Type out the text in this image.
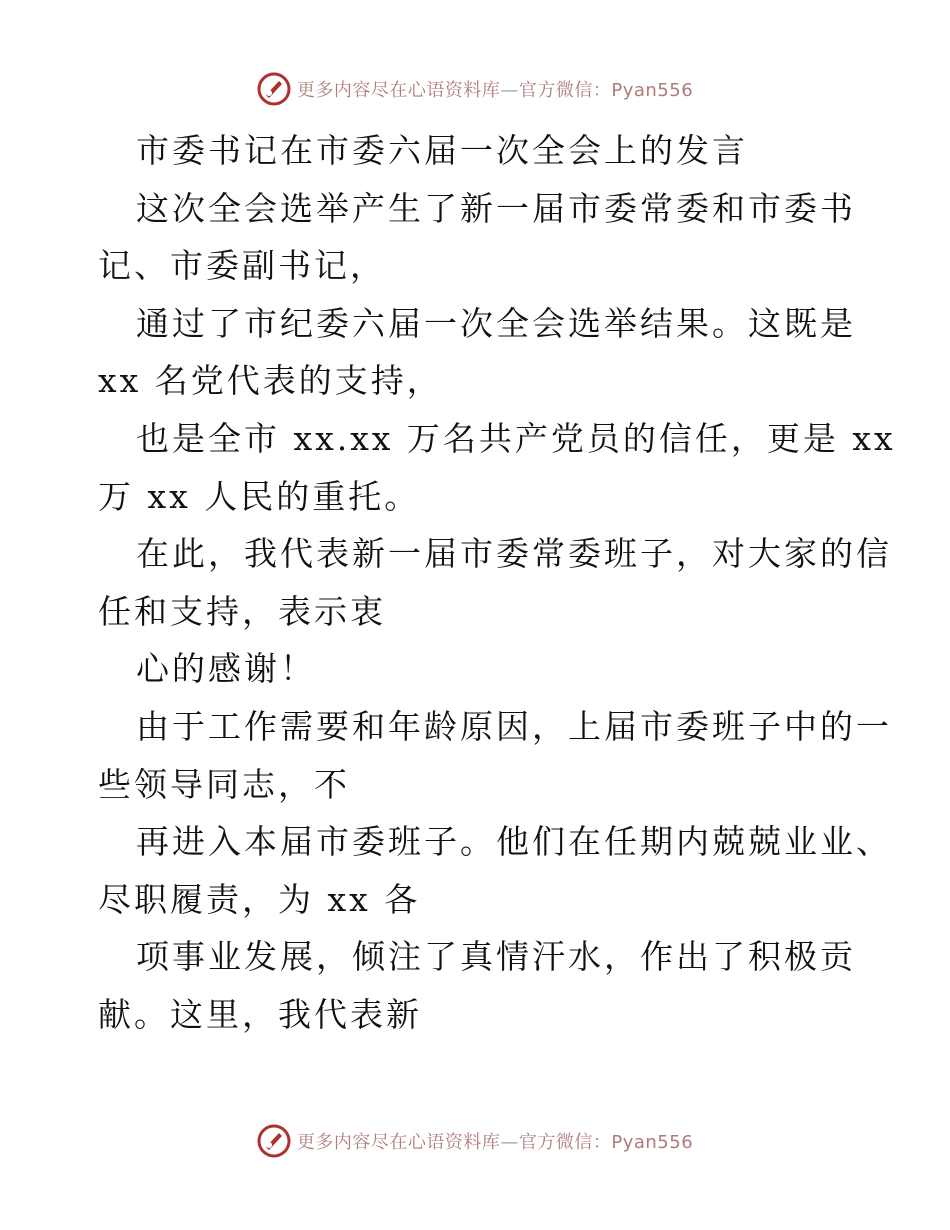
更多内容尽在心语资料库—官方微信：Pyan556
市委书记在市委六届一次全会上的发言
这次全会选举产生了新一届市委常委和市委书
记、市委副书记，
通过了市纪委六届一次全会选举结果。这既是
xx 名党代表的支持，
也是全市 xx.xx 万名共产党员的信任，更是 xx
万 xx 人民的重托。
在此，我代表新一届市委常委班子，对大家的信
任和支持，表示衷
心的感谢！
由于工作需要和年龄原因，上届市委班子中的一
些领导同志，不
再进入本届市委班子。他们在任期内兢兢业业、
尽职履责，为 xx 各
项事业发展，倾注了真情汗水，作出了积极贡
献。这里，我代表新
更多内容尽在心语资料库—官方微信：Pyan556
